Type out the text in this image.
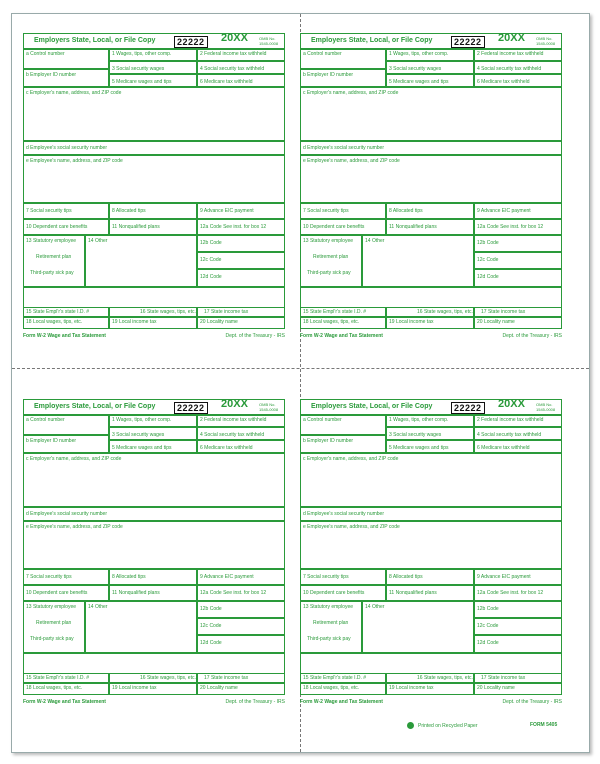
Employers State, Local, or File Copy	22222 20XX	OMB No.
1545-0008
a Control number
b Employer ID number
c Employer's name, address, and ZIP code
d Employee's social security number
e Employee's name, address, and ZIP code
1 Wages, tips, other comp.	2 Federal income tax withheld
3 Social security wages	4 Social security tax withheld
5 Medicare wages and tips	6 Medicare tax withheld
7 Social security tips	8 Allocated tips	9 Advance EIC payment
10 Dependent care benefits	11 Nonqualified plans	12a Code See inst. for box 12
13 Statutory employee
Retirement plan
Third-party sick pay
14 Other	12b Code
12c Code
12d Code
15 State Empl'r's state I.D. #	16 State wages, tips, etc. 17 State income tax
18 Local wages, tips, etc.	19 Local income tax	20 Locality name
Form W-2 Wage and Tax Statement	Dept. of the Treasury - IRS
Employers State, Local, or File Copy	22222 20XX	OMB No.
1545-0008
a Control number
b Employer ID number
c Employer's name, address, and ZIP code
d Employee's social security number
e Employee's name, address, and ZIP code
1 Wages, tips, other comp.	2 Federal income tax withheld
3 Social security wages	4 Social security tax withheld
5 Medicare wages and tips	6 Medicare tax withheld
7 Social security tips	8 Allocated tips	9 Advance EIC payment
10 Dependent care benefits	11 Nonqualified plans	12a Code See inst. for box 12
13 Statutory employee
Retirement plan
Third-party sick pay
14 Other	12b Code
12c Code
12d Code
15 State Empl'r's state I.D. #	16 State wages, tips, etc. 17 State income tax
18 Local wages, tips, etc.	19 Local income tax	20 Locality name
Form W-2 Wage and Tax Statement	Dept. of the Treasury - IRS
Employers State, Local, or File Copy	22222 20XX	OMB No.
1545-0008
a Control number
b Employer ID number
c Employer's name, address, and ZIP code
d Employee's social security number
e Employee's name, address, and ZIP code
1 Wages, tips, other comp.	2 Federal income tax withheld
3 Social security wages	4 Social security tax withheld
5 Medicare wages and tips	6 Medicare tax withheld
7 Social security tips	8 Allocated tips	9 Advance EIC payment
10 Dependent care benefits	11 Nonqualified plans	12a Code See inst. for box 12
13 Statutory employee
Retirement plan
Third-party sick pay
14 Other	12b Code
12c Code
12d Code
15 State Empl'r's state I.D. #	16 State wages, tips, etc. 17 State income tax
18 Local wages, tips, etc.	19 Local income tax	20 Locality name
Form W-2 Wage and Tax Statement	Dept. of the Treasury - IRS
Employers State, Local, or File Copy	22222 20XX	OMB No.
1545-0008
a Control number
b Employer ID number
c Employer's name, address, and ZIP code
d Employee's social security number
e Employee's name, address, and ZIP code
1 Wages, tips, other comp.	2 Federal income tax withheld
3 Social security wages	4 Social security tax withheld
5 Medicare wages and tips	6 Medicare tax withheld
7 Social security tips	8 Allocated tips	9 Advance EIC payment
10 Dependent care benefits	11 Nonqualified plans	12a Code See inst. for box 12
13 Statutory employee
Retirement plan
Third-party sick pay
14 Other	12b Code
12c Code
12d Code
15 State Empl'r's state I.D. #	16 State wages, tips, etc. 17 State income tax
18 Local wages, tips, etc.	19 Local income tax	20 Locality name
Form W-2 Wage and Tax Statement	Dept. of the Treasury - IRS
Printed on Recycled Paper	FORM 5405
